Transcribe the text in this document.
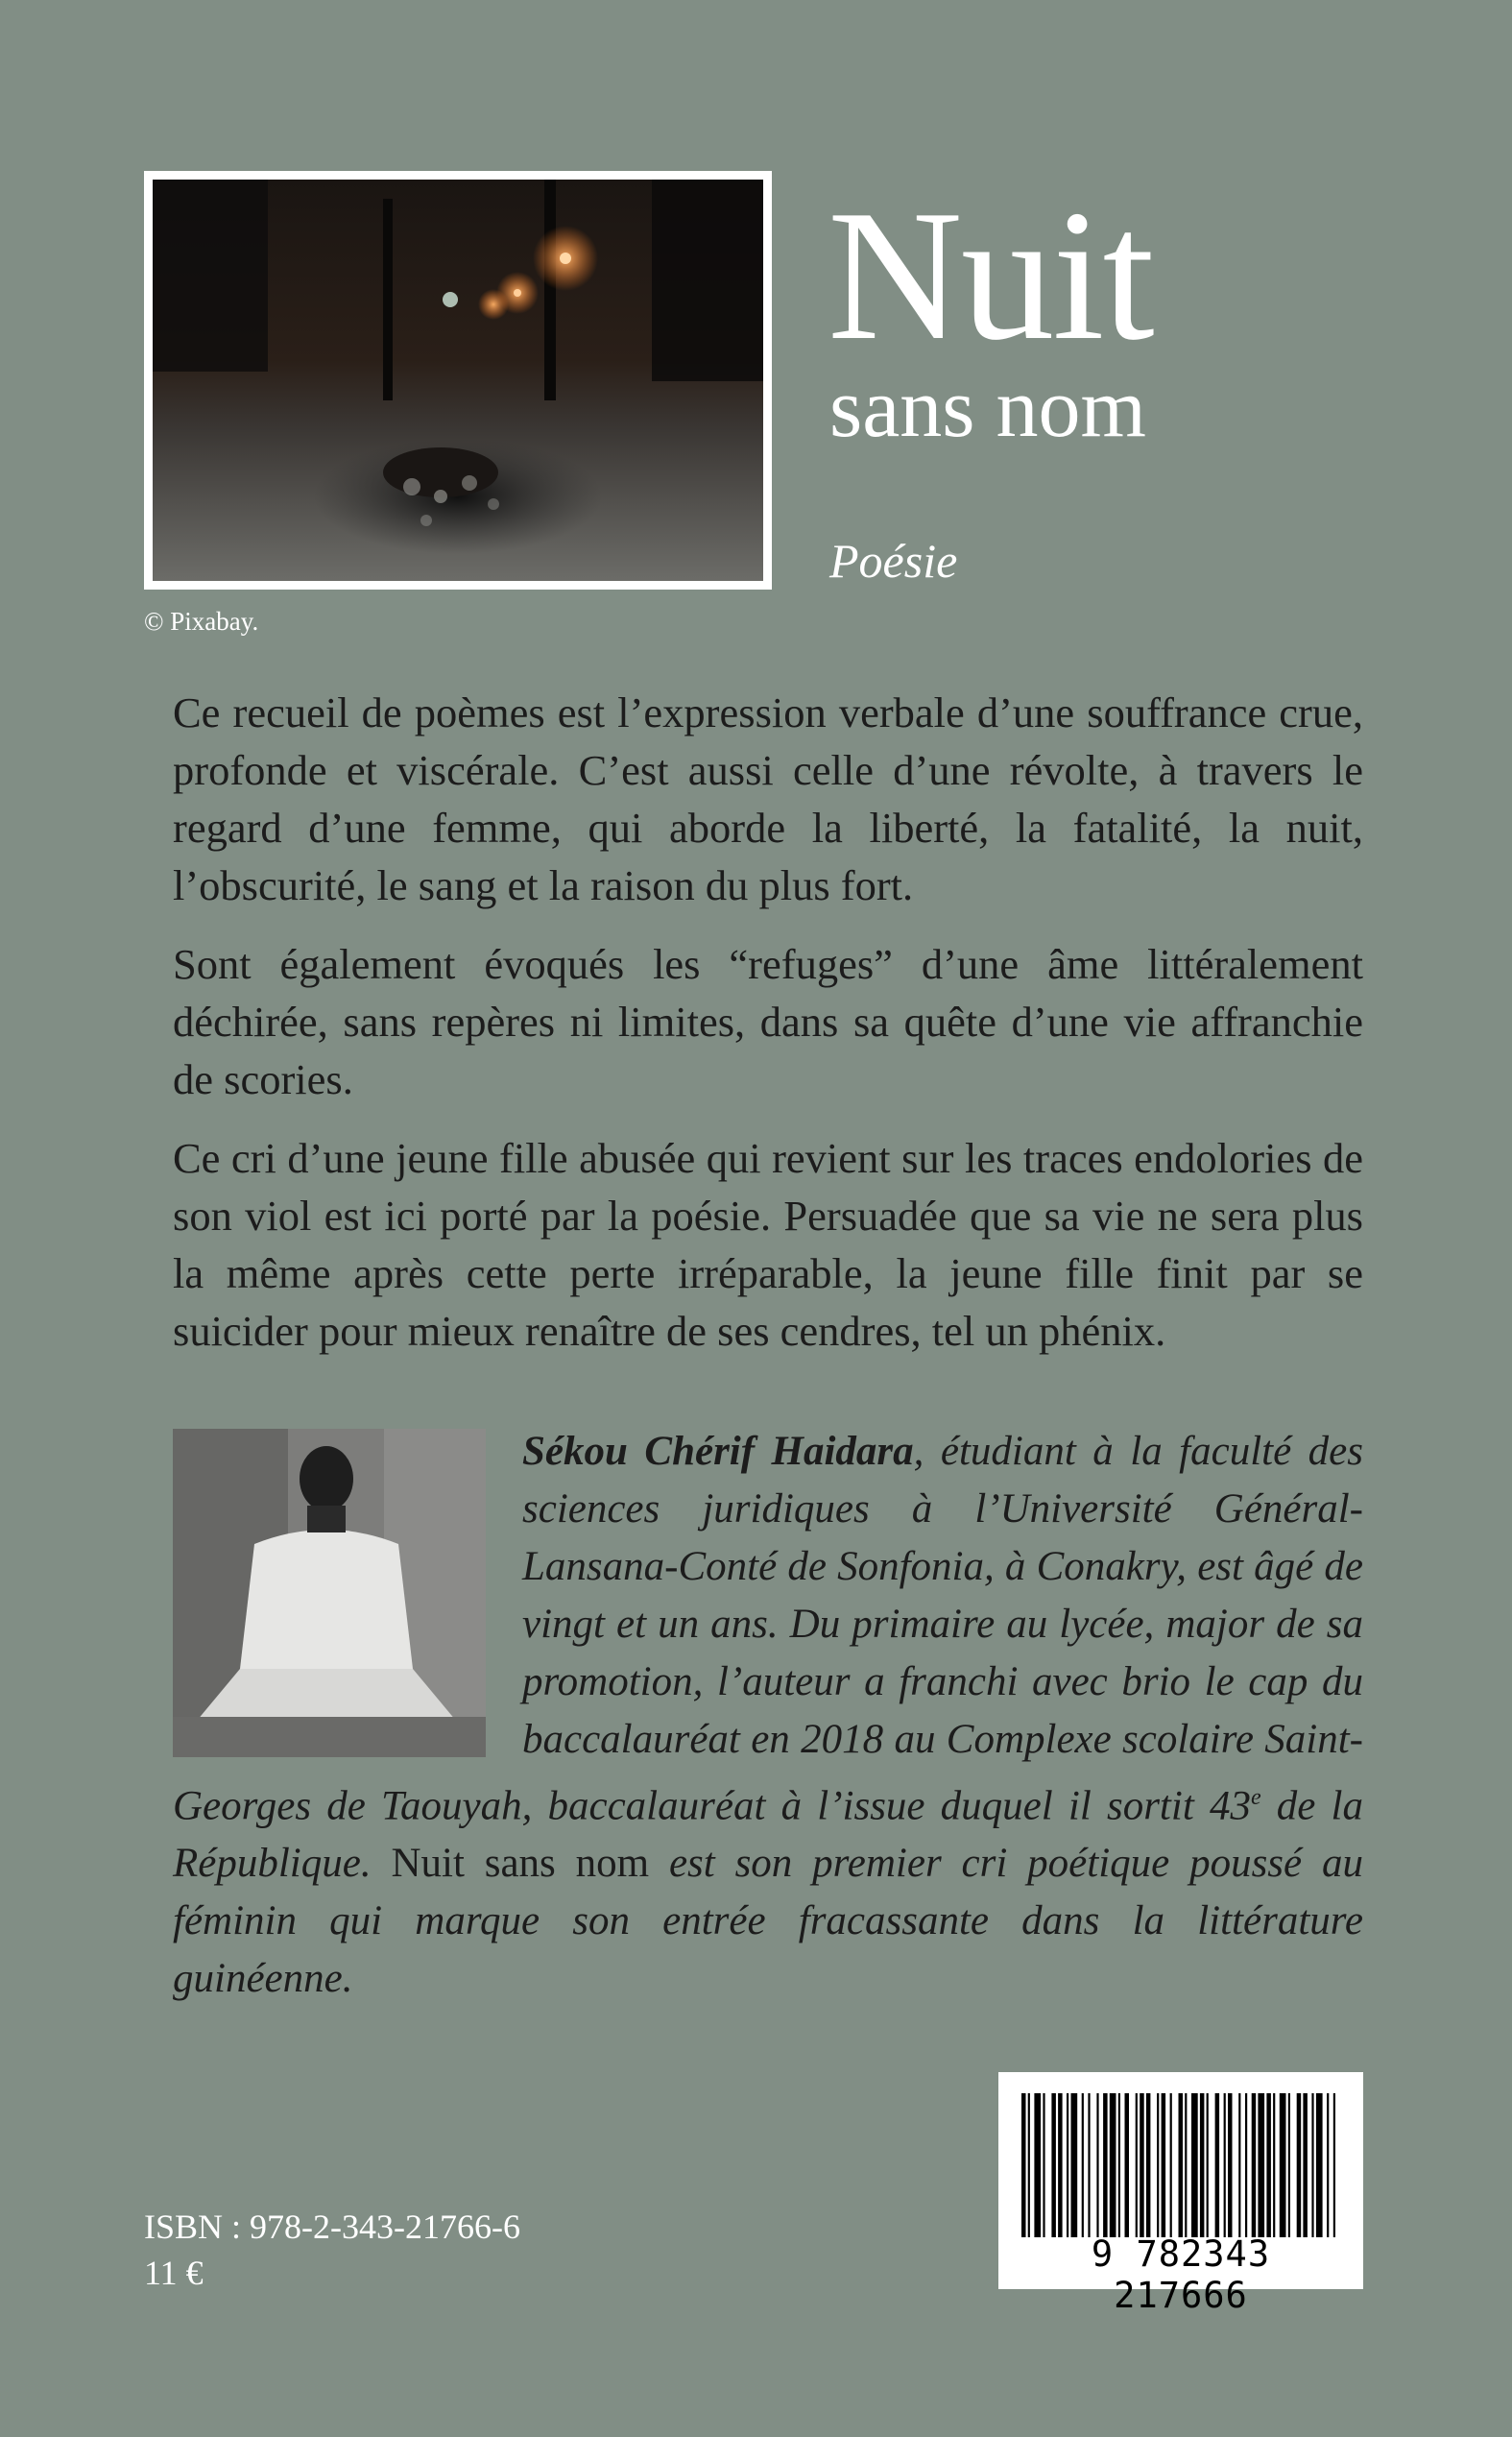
© Pixabay.
Nuit
sans nom
Poésie

Ce recueil de poèmes est l’expression verbale d’une souffrance crue, profonde et viscérale. C’est aussi celle d’une révolte, à travers le regard d’une femme, qui aborde la liberté, la fatalité, la nuit, l’obscurité, le sang et la raison du plus fort.

Sont également évoqués les “refuges” d’une âme littéralement déchirée, sans repères ni limites, dans sa quête d’une vie affranchie de scories.

Ce cri d’une jeune fille abusée qui revient sur les traces endolories de son viol est ici porté par la poésie. Persuadée que sa vie ne sera plus la même après cette perte irréparable, la jeune fille finit par se suicider pour mieux renaître de ses cendres, tel un phénix.

Sékou Chérif Haidara, étudiant à la faculté des sciences juridiques à l’Université Général-Lansana-Conté de Sonfonia, à Conakry, est âgé de vingt et un ans. Du primaire au lycée, major de sa promotion, l’auteur a franchi avec brio le cap du baccalauréat en 2018 au Complexe scolaire Saint-Georges de Taouyah, baccalauréat à l’issue duquel il sortit 43e de la République. Nuit sans nom est son premier cri poétique poussé au féminin qui marque son entrée fracassante dans la littérature guinéenne.
ISBN : 978-2-343-21766-6
11 €	9 782343 217666
